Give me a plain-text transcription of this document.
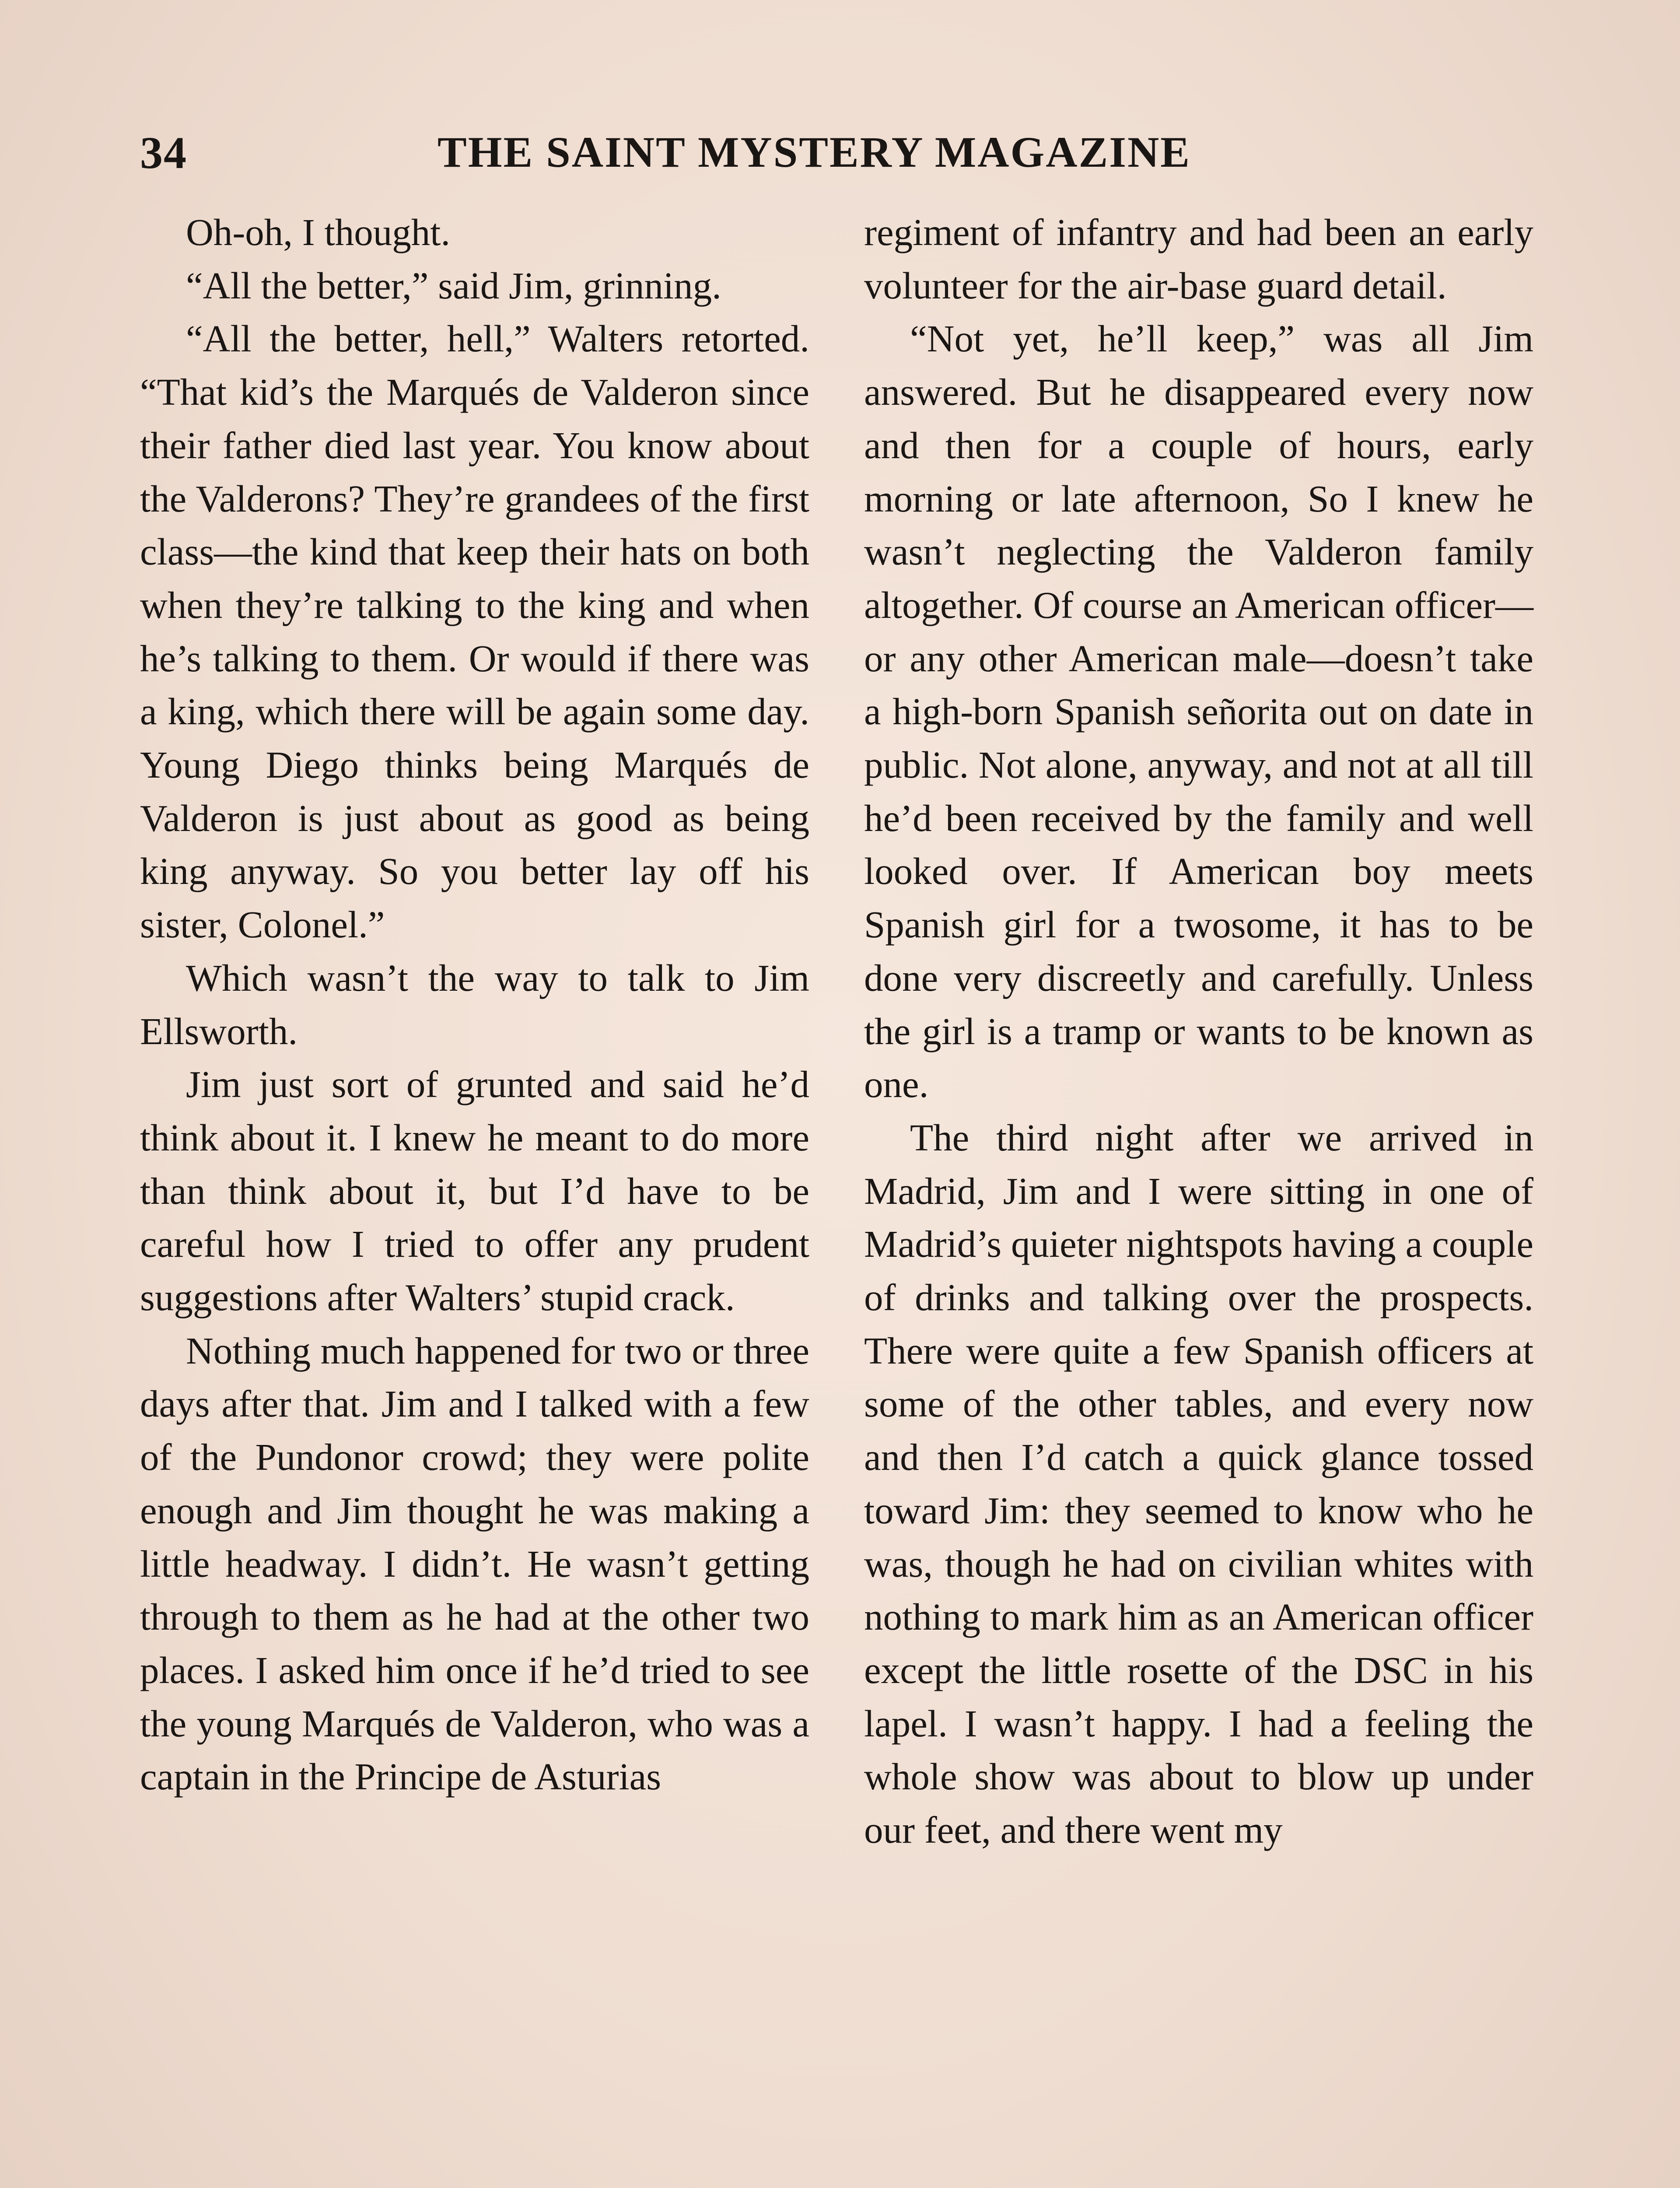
34	THE SAINT MYSTERY MAGAZINE

Oh-oh, I thought.

“All the better,” said Jim, grinning.

“All the better, hell,” Walters retorted. “That kid’s the Marqués de Valderon since their father died last year. You know about the Valderons? They’re grandees of the first class—the kind that keep their hats on both when they’re talking to the king and when he’s talking to them. Or would if there was a king, which there will be again some day. Young Diego thinks being Marqués de Valderon is just about as good as being king anyway. So you better lay off his sister, Colonel.”

Which wasn’t the way to talk to Jim Ellsworth.

Jim just sort of grunted and said he’d think about it. I knew he meant to do more than think about it, but I’d have to be careful how I tried to offer any prudent suggestions after Walters’ stupid crack.

Nothing much happened for two or three days after that. Jim and I talked with a few of the Pundonor crowd; they were polite enough and Jim thought he was making a little headway. I didn’t. He wasn’t getting through to them as he had at the other two places. I asked him once if he’d tried to see the young Marqués de Valderon, who was a captain in the Principe de Asturias

regiment of infantry and had been an early volunteer for the air-base guard detail.

“Not yet, he’ll keep,” was all Jim answered. But he disappeared every now and then for a couple of hours, early morning or late afternoon, So I knew he wasn’t neglecting the Valderon family altogether. Of course an American officer—or any other American male—doesn’t take a high-born Spanish señorita out on date in public. Not alone, anyway, and not at all till he’d been received by the family and well looked over. If American boy meets Spanish girl for a twosome, it has to be done very discreetly and carefully. Unless the girl is a tramp or wants to be known as one.

The third night after we arrived in Madrid, Jim and I were sitting in one of Madrid’s quieter nightspots having a couple of drinks and talking over the prospects. There were quite a few Spanish officers at some of the other tables, and every now and then I’d catch a quick glance tossed toward Jim: they seemed to know who he was, though he had on civilian whites with nothing to mark him as an American officer except the little rosette of the DSC in his lapel. I wasn’t happy. I had a feeling the whole show was about to blow up under our feet, and there went my
